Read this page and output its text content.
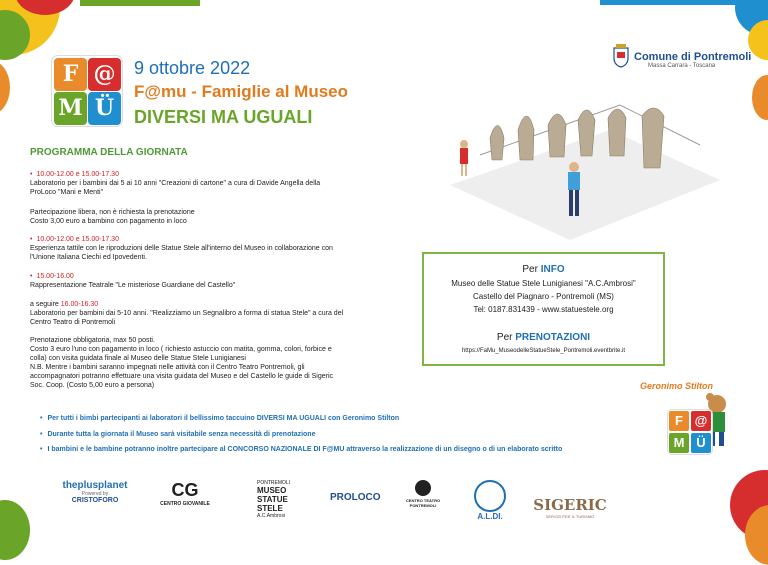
F @
M Ü
9 ottobre 2022
F@mu - Famiglie al Museo
DIVERSI MA UGUALI
Comune di Pontremoli
Massa Carrara - Toscana
PROGRAMMA DELLA GIORNATA
• 10.00-12.00 e 15.00-17.30
Laboratorio per i bambini dai 5 ai 10 anni "Creazioni di cartone" a cura di Davide Angella della
ProLoco "Mani e Menti"
Partecipazione libera, non è richiesta la prenotazione
Costo 3,00 euro a bambino con pagamento in loco
• 10.00-12.00 e 15.00-17.30
Esperienza tattile con le riproduzioni delle Statue Stele all'interno del Museo in collaborazione con
l'Unione Italiana Ciechi ed Ipovedenti.
• 15.00-16.00
Rappresentazione Teatrale "Le misteriose Guardiane del Castello"
a seguire 16.00-16.30
Laboratorio per bambini dai 5-10 anni. "Realizziamo un Segnalibro a forma di statua Stele" a cura del
Centro Teatro di Pontremoli
Prenotazione obbligatoria, max 50 posti.
Costo 3 euro l'uno con pagamento in loco ( richiesto astuccio con matita, gomma, colori, forbice e
colla) con visita guidata finale al Museo delle Statue Stele Lunigianesi
N.B. Mentre i bambini saranno impegnati nelle attività con il Centro Teatro Pontremoli, gli
accompagnatori potranno effettuare una visita guidata del Museo e del Castello le guide di Sigeric
Soc. Coop. (Costo 5,00 euro a persona)
Per INFO
Museo delle Statue Stele Lunigianesi "A.C.Ambrosi"
Castello del Piagnaro - Pontremoli (MS)
Tel: 0187.831439 - www.statuestele.org
Per PRENOTAZIONI
https://FaMu_MuseodelleStatueStele_Pontremoli.eventbrite.it
Geronimo Stilton
F @
M Ü
• Per tutti i bimbi partecipanti ai laboratori il bellissimo taccuino DIVERSI MA UGUALI con Geronimo Stilton
• Durante tutta la giornata il Museo sarà visitabile senza necessità di prenotazione
• I bambini e le bambine potranno inoltre partecipare al CONCORSO NAZIONALE DI F@MU attraverso la realizzazione di un disegno o di un elaborato scritto
theplusplanet
Powered by
CRISTOFORO
CG
CENTRO GIOVANILE
PONTREMOLI
MUSEO
STATUE STELE
A.C.Ambrosi
PROLOCO	CENTRO TEATRO PONTREMOLI
A.L.DI.
SIGERIC
SERVIZI PER IL TURISMO
